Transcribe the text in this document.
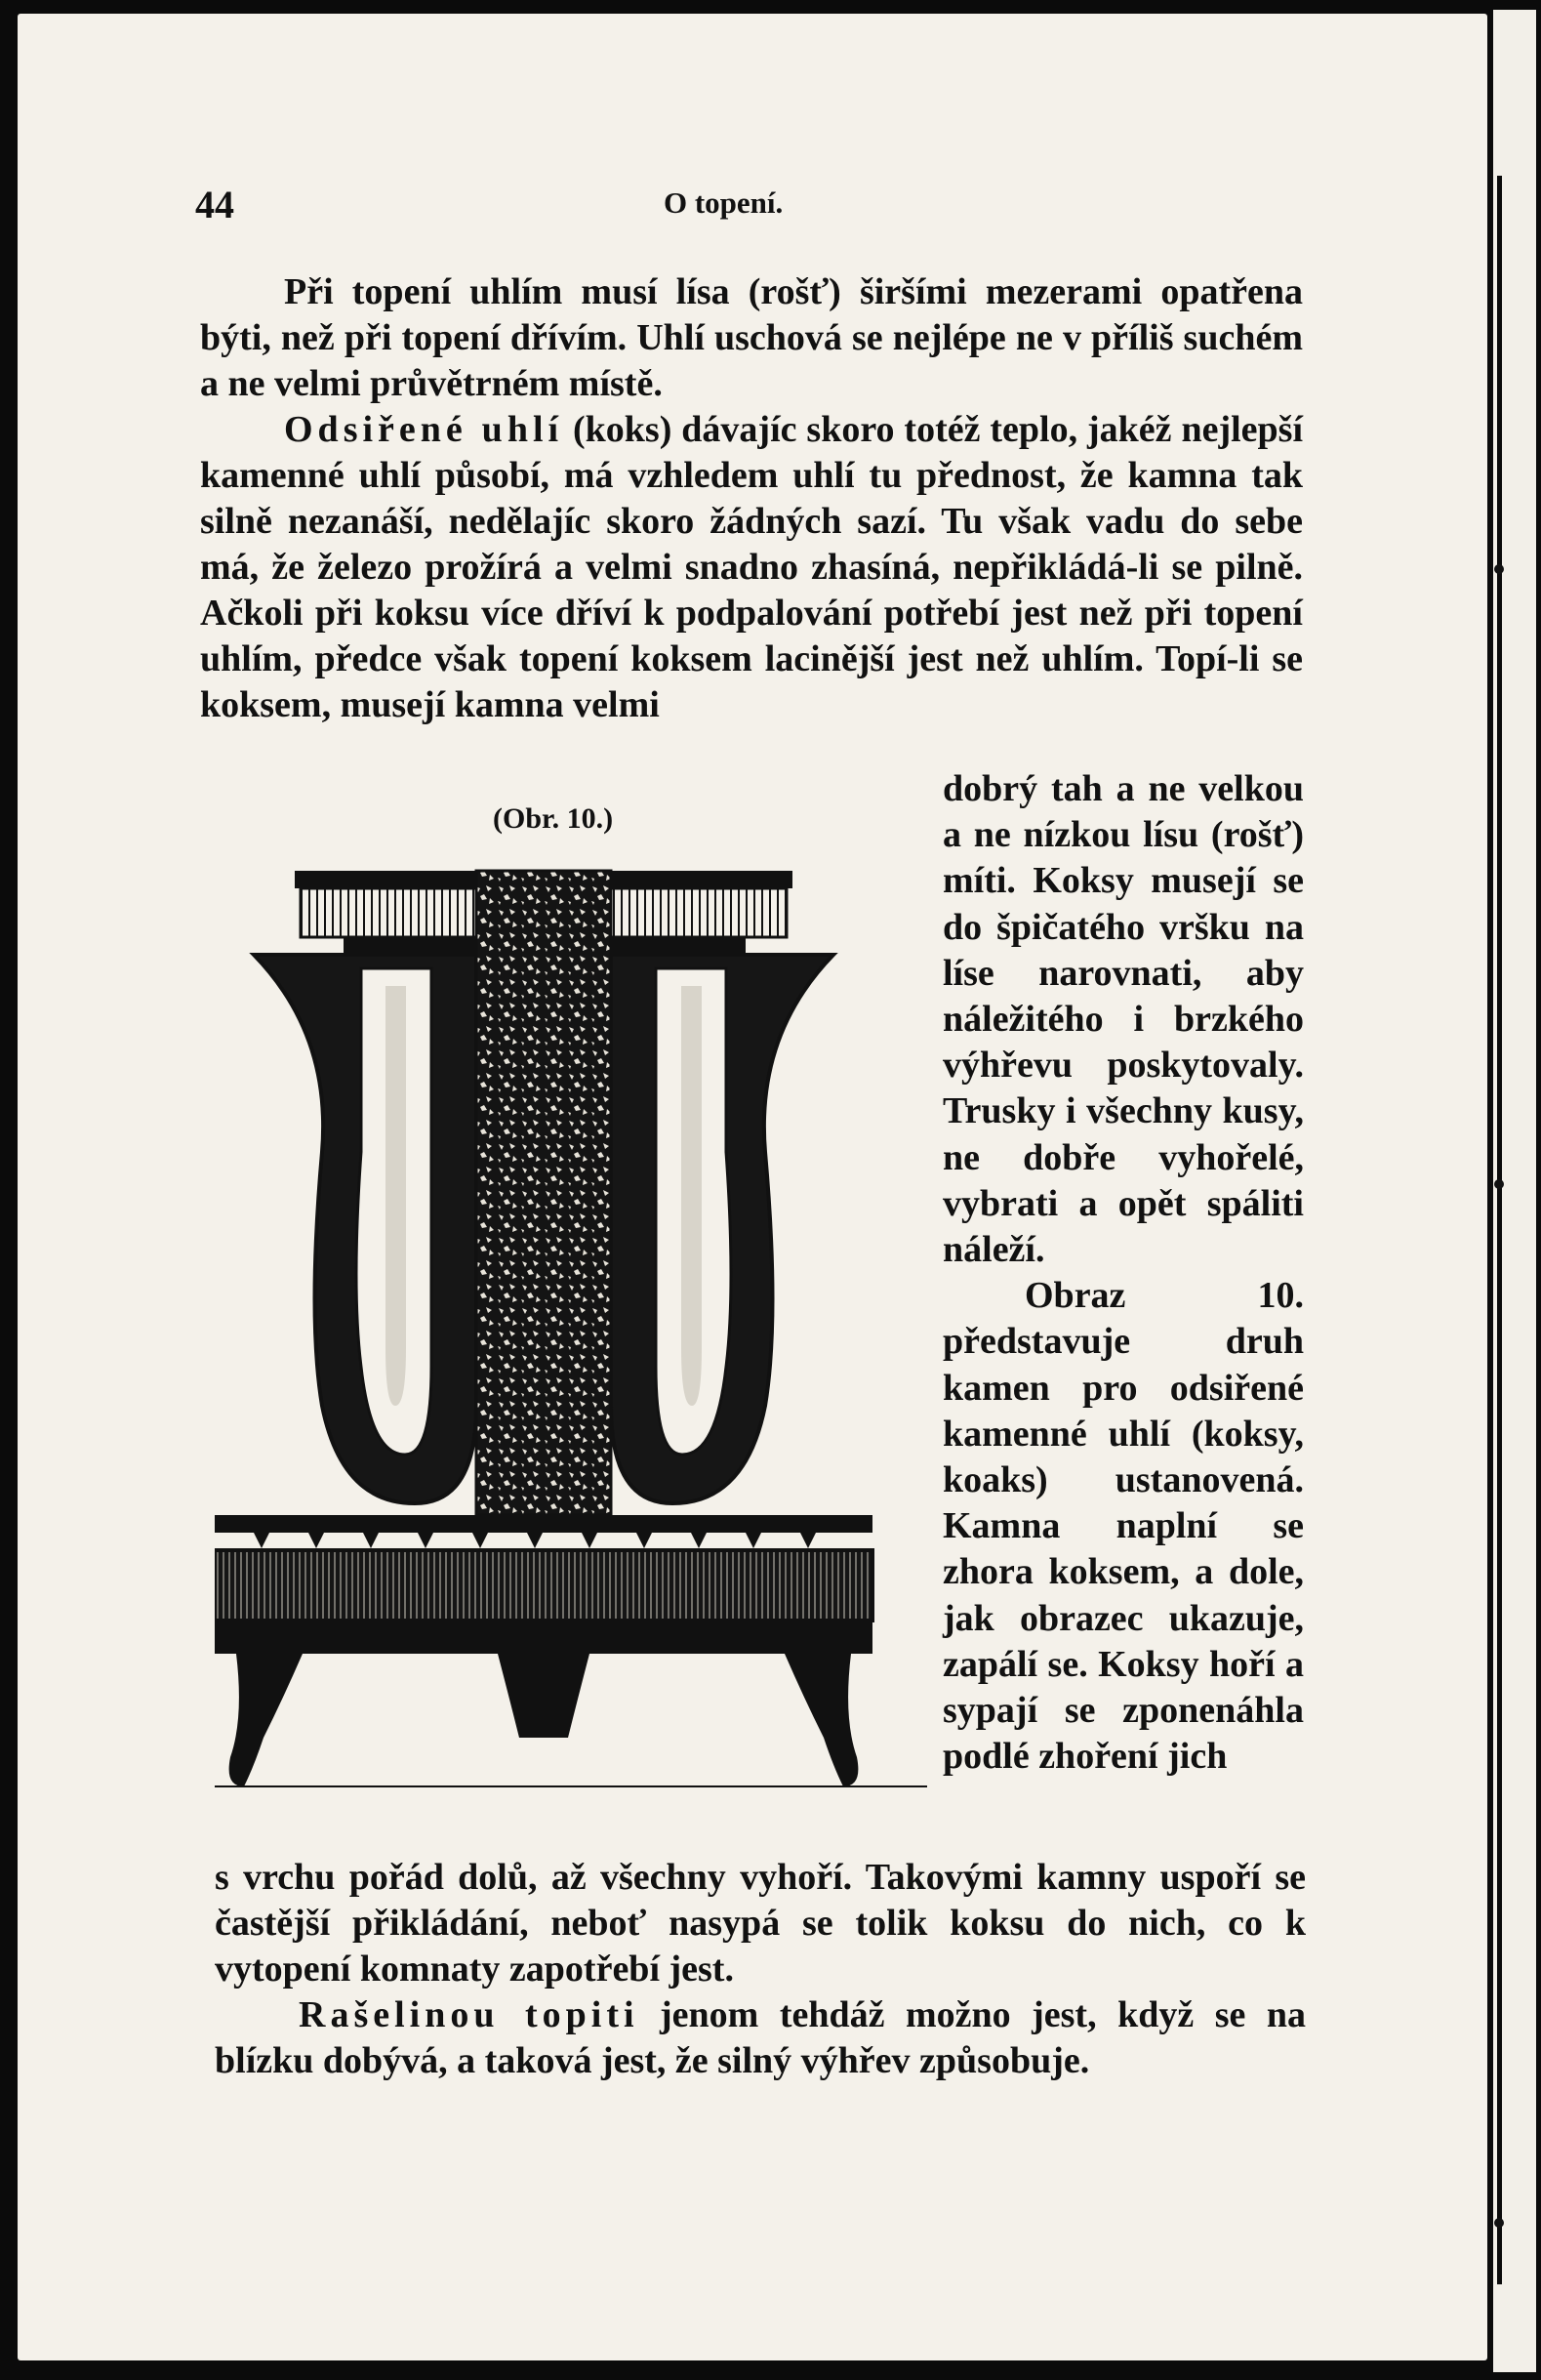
44	O topení.

Při topení uhlím musí lísa (rošť) širšími mezerami opatřena býti, než při topení dřívím. Uhlí uschová se nejlépe ne v příliš suchém a ne velmi průvětrném místě.

Odsiřené uhlí (koks) dávajíc skoro totéž teplo, jakéž nejlepší kamenné uhlí působí, má vzhledem uhlí tu přednost, že kamna tak silně nezanáší, nedělajíc skoro žádných sazí. Tu však vadu do sebe má, že železo prožírá a velmi snadno zhasíná, nepřikládá-li se pilně. Ačkoli při koksu více dříví k podpalování potřebí jest než při topení uhlím, předce však topení koksem lacinější jest než uhlím. Topí-li se koksem, musejí kamna velmi

(Obr. 10.)

dobrý tah a ne velkou a ne nízkou lísu (rošť) míti. Koksy musejí se do špičatého vršku na líse narovnati, aby náležitého i brzkého výhřevu poskytovaly. Trusky i všechny kusy, ne dobře vyhořelé, vybrati a opět spáliti náleží.

Obraz 10. představuje druh kamen pro odsiřené kamenné uhlí (koksy, koaks) ustanovená. Kamna naplní se zhora koksem, a dole, jak obrazec ukazuje, zapálí se. Koksy hoří a sypají se zponenáhla podlé zhoření jich

s vrchu pořád dolů, až všechny vyhoří. Takovými kamny uspoří se častější přikládání, neboť nasypá se tolik koksu do nich, co k vytopení komnaty zapotřebí jest.

Rašelinou topiti jenom tehdáž možno jest, když se na blízku dobývá, a taková jest, že silný výhřev způsobuje.
